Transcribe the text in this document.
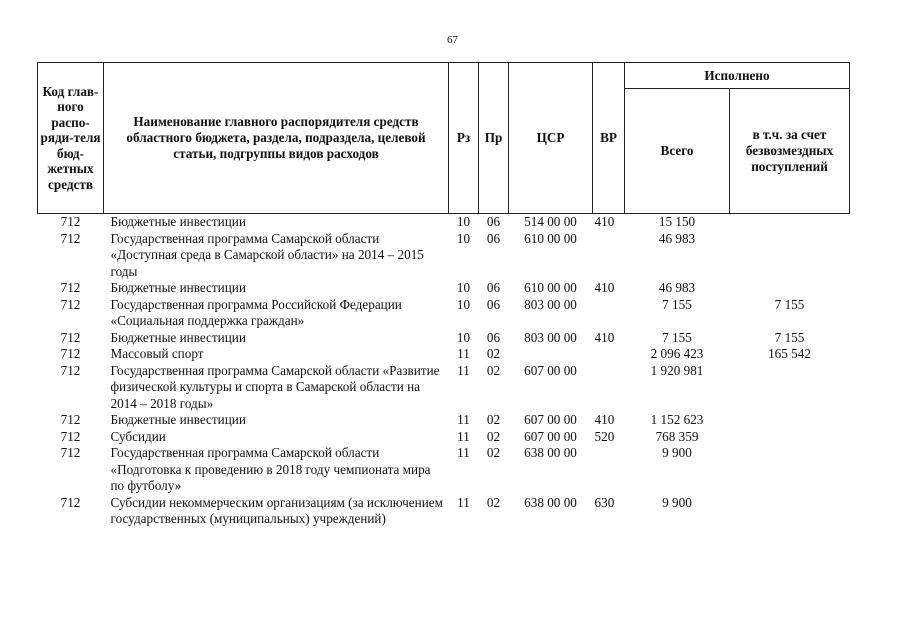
67
Код глав-ного распо-ряди-теля бюд-жетных средств	Наименование главного распорядителя средств областного бюджета, раздела, подраздела, целевой статьи, подгруппы видов расходов	Рз	Пр	ЦСР	ВР	Исполнено	
						Всего	в т.ч. за счет безвозмездных поступлений
712	Бюджетные инвестиции	10	06	514 00 00	410	15 150	
712	Государственная программа Самарской области «Доступная среда в Самарской области» на 2014 – 2015 годы	10	06	610 00 00		46 983	
712	Бюджетные инвестиции	10	06	610 00 00	410	46 983	
712	Государственная программа Российской Федерации «Социальная поддержка граждан»	10	06	803 00 00		7 155	7 155
712	Бюджетные инвестиции	10	06	803 00 00	410	7 155	7 155
712	Массовый спорт	11	02			2 096 423	165 542
712	Государственная программа Самарской области «Развитие физической культуры и спорта в Самарской области на 2014 – 2018 годы»	11	02	607 00 00		1 920 981	
712	Бюджетные инвестиции	11	02	607 00 00	410	1 152 623	
712	Субсидии	11	02	607 00 00	520	768 359	
712	Государственная программа Самарской области «Подготовка к проведению в 2018 году чемпионата мира по футболу»	11	02	638 00 00		9 900	
712	Субсидии некоммерческим организациям (за исключением государственных (муниципальных) учреждений)	11	02	638 00 00	630	9 900	
